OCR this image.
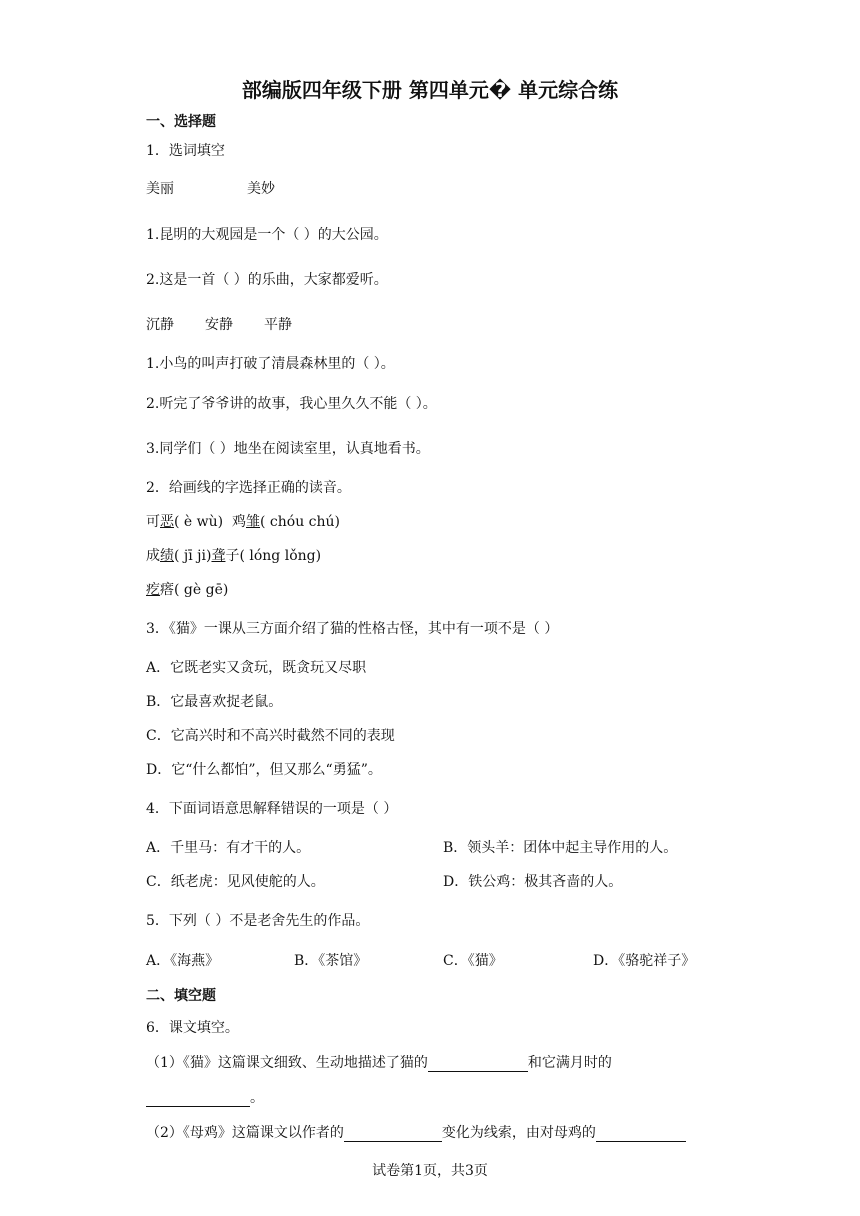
部编版四年级下册 第四单元� 单元综合练
一、选择题
1．选词填空
美丽	美妙
1.昆明的大观园是一个（ ）的大公园。
2.这是一首（ ）的乐曲，大家都爱听。
沉静 安静 平静
1.小鸟的叫声打破了清晨森林里的（ ）。
2.听完了爷爷讲的故事，我心里久久不能（ ）。
3.同学们（ ）地坐在阅读室里，认真地看书。
2．给画线的字选择正确的读音。
可恶( è wù) 鸡雏( chóu chú)
成绩( jī ji)聋子( lóng lǒng)
疙瘩( gè gē)
3．《猫》一课从三方面介绍了猫的性格古怪，其中有一项不是（ ）
A．它既老实又贪玩，既贪玩又尽职
B．它最喜欢捉老鼠。
C．它高兴时和不高兴时截然不同的表现
D．它“什么都怕”，但又那么“勇猛”。
4．下面词语意思解释错误的一项是（ ）
A．千里马：有才干的人。	B．领头羊：团体中起主导作用的人。
C．纸老虎：见风使舵的人。	D．铁公鸡：极其吝啬的人。
5．下列（ ）不是老舍先生的作品。
A．《海燕》	B．《茶馆》	C．《猫》	D．《骆驼祥子》
二、填空题
6．课文填空。
（1）《猫》这篇课文细致、生动地描述了猫的	和它满月时的
。
（2）《母鸡》这篇课文以作者的	变化为线索，由对母鸡的
试卷第1页，共3页
